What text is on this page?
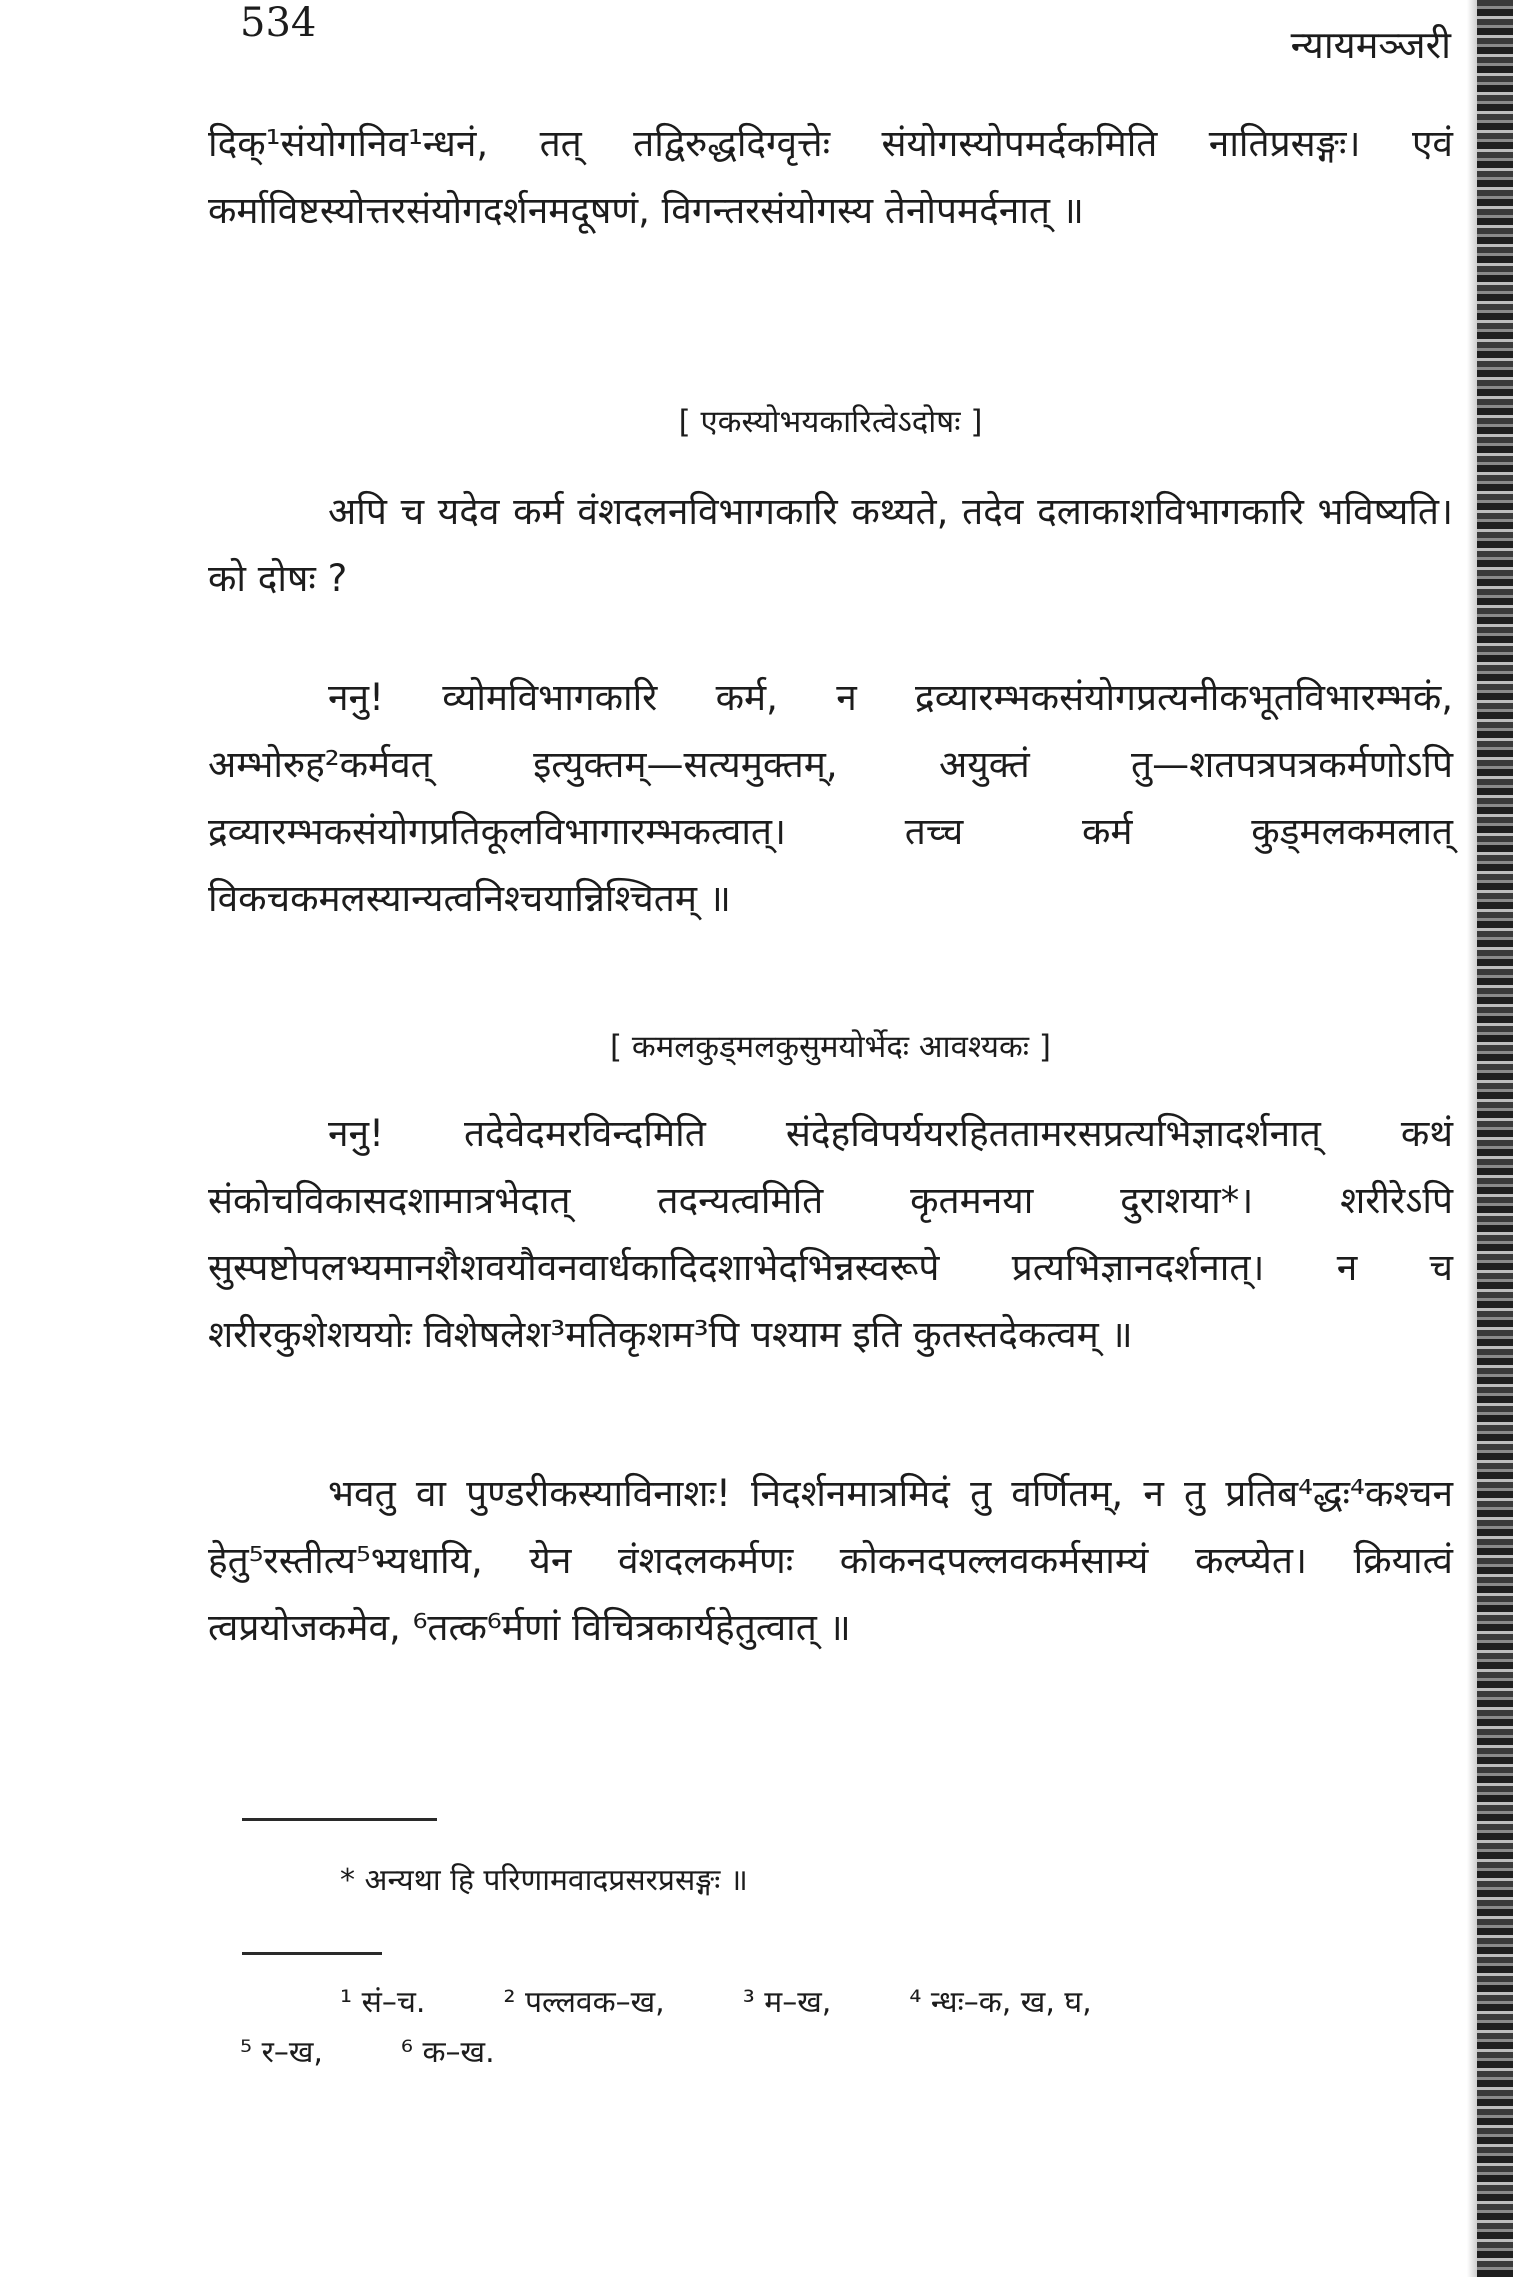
534	न्यायमञ्जरी

दिक्¹संयोगनिव¹न्धनं, तत् तद्विरुद्धदिग्वृत्तेः संयोगस्योपमर्दकमिति नातिप्रसङ्गः। एवं कर्माविष्टस्योत्तरसंयोगदर्शनमदूषणं, विगन्तरसंयोगस्य तेनोपमर्दनात् ॥

[ एकस्योभयकारित्वेऽदोषः ]

अपि च यदेव कर्म वंशदलनविभागकारि कथ्यते, तदेव दलाकाशविभागकारि भविष्यति। को दोषः ?

ननु! व्योमविभागकारि कर्म, न द्रव्यारम्भकसंयोगप्रत्यनीकभूतविभारम्भकं, अम्भोरुह²कर्मवत् इत्युक्तम्—सत्यमुक्तम्, अयुक्तं तु—शतपत्रपत्रकर्मणोऽपि द्रव्यारम्भकसंयोगप्रतिकूलविभागारम्भकत्वात्। तच्च कर्म कुड्मलकमलात् विकचकमलस्यान्यत्वनिश्चयान्निश्चितम् ॥

[ कमलकुड्मलकुसुमयोर्भेदः आवश्यकः ]

ननु! तदेवेदमरविन्दमिति संदेहविपर्ययरहिततामरसप्रत्यभिज्ञादर्शनात् कथं संकोचविकासदशामात्रभेदात् तदन्यत्वमिति कृतमनया दुराशया*। शरीरेऽपि सुस्पष्टोपलभ्यमानशैशवयौवनवार्धकादिदशाभेदभिन्नस्वरूपे प्रत्यभिज्ञानदर्शनात्। न च शरीरकुशेशययोः विशेषलेश³मतिकृशम³पि पश्याम इति कुतस्तदेकत्वम् ॥

भवतु वा पुण्डरीकस्याविनाशः! निदर्शनमात्रमिदं तु वर्णितम्, न तु प्रतिब⁴द्धः⁴कश्चन हेतु⁵रस्तीत्य⁵भ्यधायि, येन वंशदलकर्मणः कोकनदपल्लवकर्मसाम्यं कल्प्येत। क्रियात्वं त्वप्रयोजकमेव, ⁶तत्क⁶र्मणां विचित्रकार्यहेतुत्वात् ॥

* अन्यथा हि परिणामवादप्रसरप्रसङ्गः ॥
¹ सं–च.	² पल्लवक–ख,	³ म–ख,	⁴ न्धः–क, ख, घ,
⁵ र–ख,	⁶ क–ख.
